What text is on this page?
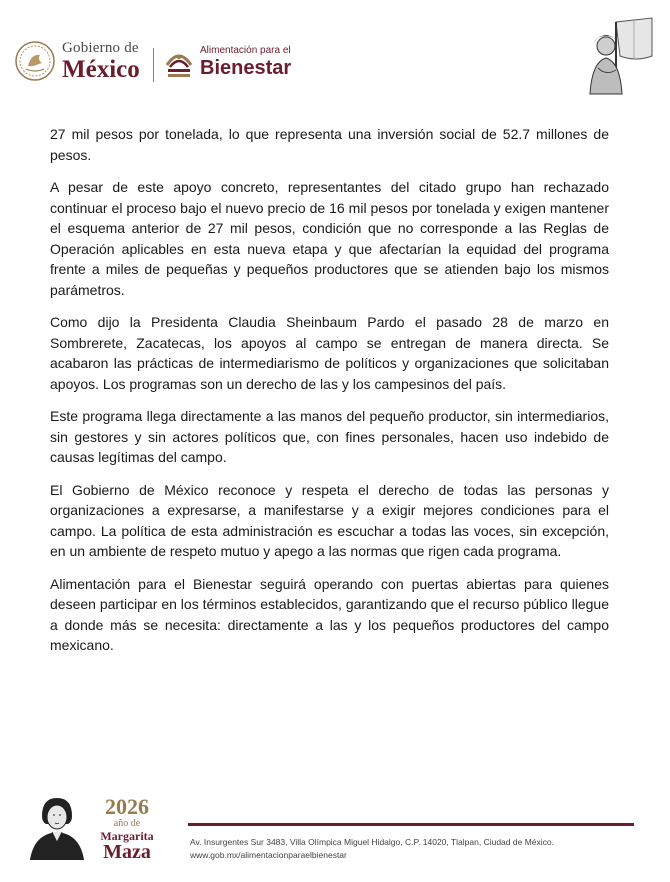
Gobierno de
México
Alimentación para el
Bienestar

27 mil pesos por tonelada, lo que representa una inversión social de 52.7 millones de pesos.

A pesar de este apoyo concreto, representantes del citado grupo han rechazado continuar el proceso bajo el nuevo precio de 16 mil pesos por tonelada y exigen mantener el esquema anterior de 27 mil pesos, condición que no corresponde a las Reglas de Operación aplicables en esta nueva etapa y que afectarían la equidad del programa frente a miles de pequeñas y pequeños productores que se atienden bajo los mismos parámetros.

Como dijo la Presidenta Claudia Sheinbaum Pardo el pasado 28 de marzo en Sombrerete, Zacatecas, los apoyos al campo se entregan de manera directa. Se acabaron las prácticas de intermediarismo de políticos y organizaciones que solicitaban apoyos. Los programas son un derecho de las y los campesinos del país.

Este programa llega directamente a las manos del pequeño productor, sin intermediarios, sin gestores y sin actores políticos que, con fines personales, hacen uso indebido de causas legítimas del campo.

El Gobierno de México reconoce y respeta el derecho de todas las personas y organizaciones a expresarse, a manifestarse y a exigir mejores condiciones para el campo. La política de esta administración es escuchar a todas las voces, sin excepción, en un ambiente de respeto mutuo y apego a las normas que rigen cada programa.

Alimentación para el Bienestar seguirá operando con puertas abiertas para quienes deseen participar en los términos establecidos, garantizando que el recurso público llegue a donde más se necesita: directamente a las y los pequeños productores del campo mexicano.

2026
año de
Margarita
Maza	Av. Insurgentes Sur 3483, Villa Olímpica Miguel Hidalgo, C.P. 14020, Tlalpan, Ciudad de México.
www.gob.mx/alimentacionparaelbienestar
